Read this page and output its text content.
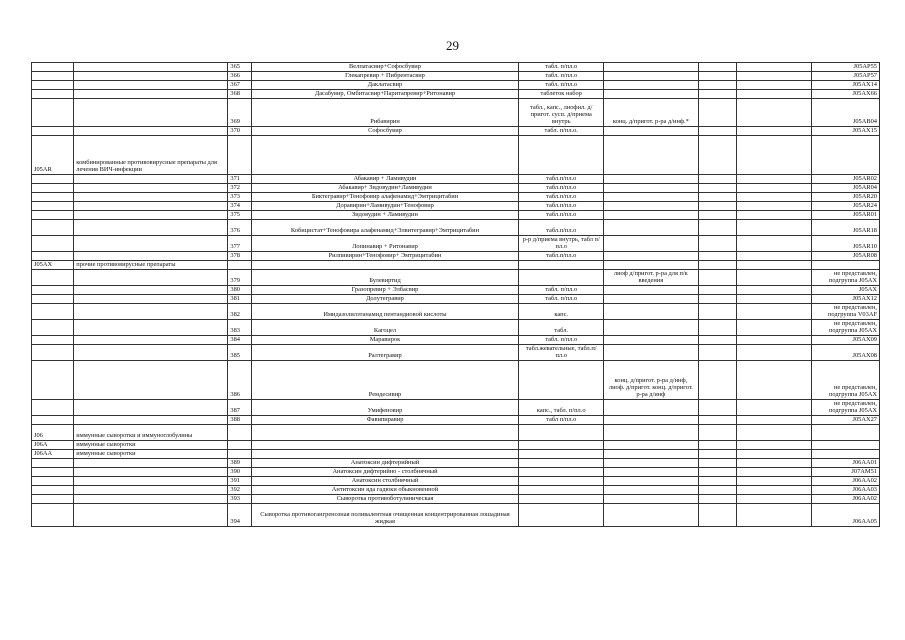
29
		365	Велпатасвир+Софосбувир	табл. п/пл.о				J05AP55
		366	Глекапревир + Пибрентасвир	табл. п/пл.о				J05AP57
		367	Даклатасвир	табл. п/пл.о				J05AX14
		368	Дасабувир, Омбитасвир+Паритапревир+Ритонавир	таблеток набор				J05AX66
		369	Рибавирин	табл., капс., лиофил. д/пригот. сусп. д/приема внутрь	конц. д/пригот. р-ра д/инф.*			J05AB04
		370	Софосбувир	табл. п/пл.о.				J05AX15
J05AR	комбинированные противовирусные препараты для лечения ВИЧ-инфекции							
		371	Абакавир + Ламивудин	табл.п/пл.о				J05AR02
		372	Абакавир+ Зидовудин+Ламивудин	табл.п/пл.о				J05AR04
		373	Биктегравир+Тенофовир алафенамид+Эмтрицитабин	табл.п/пл.о				J05AR20
		374	Доравирин+Ламивудин+Тенофовир	табл.п/пл.о				J05AR24
		375	Зидовудин + Ламивудин	табл.п/пл.о				J05AR01
		376	Кобицистат+Тенофовира алафенамид+Элвитегравир+Эмтрицитабин	табл.п/пл.о				J05AR18
		377	Лопинавир + Ритонавир	р-р д/приема внутрь, табл п/пл.о				J05AR10
		378	Рилпивирин+Тенофовир+ Эмтрицитабин	табл.п/пл.о				J05AR08
J05AX	прочие противовирусные препараты							
		379	Булевиртид		лиоф д/пригот. р-ра для п/к введения			не представлен, подгруппа J05AX
		380	Гразопревир + Элбасвир	табл. п/пл.о				J05AX
		381	Долутегравир	табл. п/пл.о				J05AX12
		382	Имидазолилэтанамид пентандиовой кислоты	капс.				не представлен, подгруппа V03AF
		383	Кагоцел	табл.				не представлен, подгруппа J05AX
		384	Маравирок	табл. п/пл.о				J05AX09
		385	Ралтегравир	табл.жевательные, табл.п/пл.о				J05AX08
		386	Ремдесивир		конц. д/пригот. р-ра д/инф, лиоф. д/пригот. конц. д/пригот. р-ра д/инф			не представлен, подгруппа J05AX
		387	Умифеновир	капс., табл. п/пл.о				не представлен, подгруппа J05AX
		388	Фавипиравир	табл п/пл.о				J05AX27
J06	иммунные сыворотки и иммуноглобулины							
J06A	иммунные сыворотки							
J06AA	иммунные сыворотки							
		389	Анатоксин дифтерийный					J06AA01
		390	Анатоксин дифтерийно - столбнячный					J07AM51
		391	Анатоксин столбнячный					J06AA02
		392	Антитоксин яда гадюки обыкновенной					J06AA03
		393	Сыворотка противоботулиническая					J06AA02
		394	Сыворотка противогангренозная поливалентная очищенная концентрированная лошадиная жидкая					J06AA05
